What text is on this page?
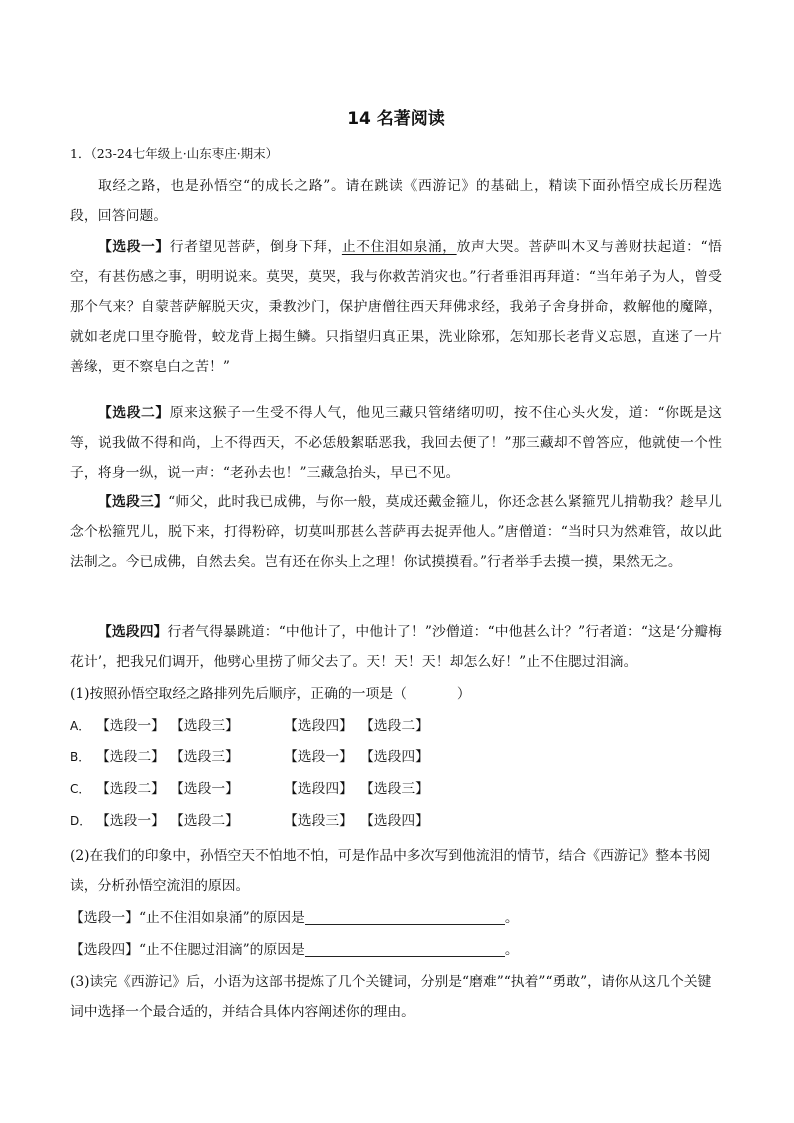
14 名著阅读
1．（23-24七年级上·山东枣庄·期末）
取经之路，也是孙悟空“的成长之路”。请在跳读《西游记》的基础上，精读下面孙悟空成长历程选段，回答问题。
【选段一】行者望见菩萨，倒身下拜，止不住泪如泉涌，放声大哭。菩萨叫木叉与善财扶起道：“悟空，有甚伤感之事，明明说来。莫哭，莫哭，我与你救苦消灾也。”行者垂泪再拜道：“当年弟子为人，曾受那个气来？自蒙菩萨解脱天灾，秉教沙门，保护唐僧往西天拜佛求经，我弟子舍身拼命，救解他的魔障，就如老虎口里夺脆骨，蛟龙背上揭生鳞。只指望归真正果，洗业除邪，怎知那长老背义忘恩，直迷了一片善缘，更不察皂白之苦！”
【选段二】原来这猴子一生受不得人气，他见三藏只管绪绪叨叨，按不住心头火发，道：“你既是这等，说我做不得和尚，上不得西天，不必恁般絮聒恶我，我回去便了！”那三藏却不曾答应，他就使一个性子，将身一纵，说一声：“老孙去也！”三藏急抬头，早已不见。
【选段三】“师父，此时我已成佛，与你一般，莫成还戴金箍儿，你还念甚么紧箍咒儿掯勒我？趁早儿念个松箍咒儿，脱下来，打得粉碎，切莫叫那甚么菩萨再去捉弄他人。”唐僧道：“当时只为然难管，故以此法制之。今已成佛，自然去矣。岂有还在你头上之理！你试摸摸看。”行者举手去摸一摸，果然无之。
【选段四】行者气得暴跳道：“中他计了，中他计了！”沙僧道：“中他甚么计？”行者道：“这是‘分瓣梅花计’，把我兄们调开，他劈心里捞了师父去了。天！天！天！却怎么好！”止不住腮过泪滴。
(1)按照孙悟空取经之路排列先后顺序，正确的一项是（	）
A． 【选段一】 【选段三】	【选段四】 【选段二】
B． 【选段二】 【选段三】	【选段一】 【选段四】
C． 【选段二】 【选段一】	【选段四】 【选段三】
D． 【选段一】 【选段二】	【选段三】 【选段四】
(2)在我们的印象中，孙悟空天不怕地不怕，可是作品中多次写到他流泪的情节，结合《西游记》整本书阅读，分析孙悟空流泪的原因。
【选段一】“止不住泪如泉涌”的原因是	。
【选段四】“止不住腮过泪滴”的原因是	。
(3)读完《西游记》后，小语为这部书提炼了几个关键词，分别是“磨难”“执着”“勇敢”，请你从这几个关键词中选择一个最合适的，并结合具体内容阐述你的理由。
